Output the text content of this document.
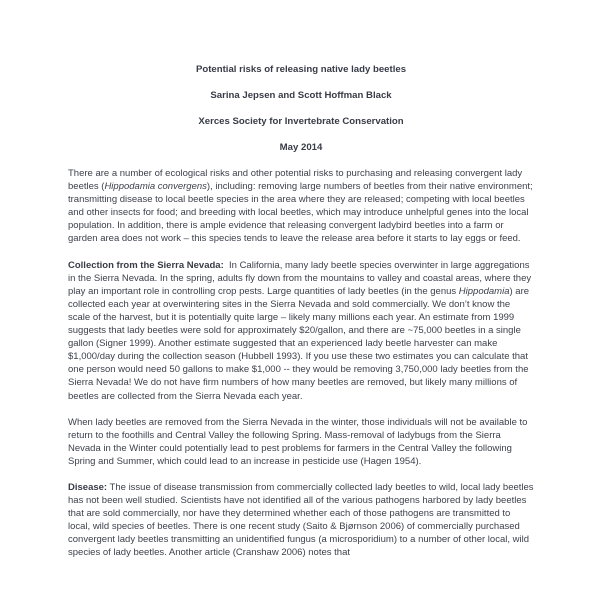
Potential risks of releasing native lady beetles
Sarina Jepsen and Scott Hoffman Black
Xerces Society for Invertebrate Conservation
May 2014

There are a number of ecological risks and other potential risks to purchasing and releasing convergent lady beetles (Hippodamia convergens), including: removing large numbers of beetles from their native environment; transmitting disease to local beetle species in the area where they are released; competing with local beetles and other insects for food; and breeding with local beetles, which may introduce unhelpful genes into the local population. In addition, there is ample evidence that releasing convergent ladybird beetles into a farm or garden area does not work – this species tends to leave the release area before it starts to lay eggs or feed.

Collection from the Sierra Nevada:  In California, many lady beetle species overwinter in large aggregations in the Sierra Nevada. In the spring, adults fly down from the mountains to valley and coastal areas, where they play an important role in controlling crop pests. Large quantities of lady beetles (in the genus Hippodamia) are collected each year at overwintering sites in the Sierra Nevada and sold commercially. We don’t know the scale of the harvest, but it is potentially quite large – likely many millions each year. An estimate from 1999 suggests that lady beetles were sold for approximately $20/gallon, and there are ~75,000 beetles in a single gallon (Signer 1999). Another estimate suggested that an experienced lady beetle harvester can make $1,000/day during the collection season (Hubbell 1993). If you use these two estimates you can calculate that one person would need 50 gallons to make $1,000 -- they would be removing 3,750,000 lady beetles from the Sierra Nevada! We do not have firm numbers of how many beetles are removed, but likely many millions of beetles are collected from the Sierra Nevada each year.

When lady beetles are removed from the Sierra Nevada in the winter, those individuals will not be available to return to the foothills and Central Valley the following Spring. Mass-removal of ladybugs from the Sierra Nevada in the Winter could potentially lead to pest problems for farmers in the Central Valley the following Spring and Summer, which could lead to an increase in pesticide use (Hagen 1954).

Disease: The issue of disease transmission from commercially collected lady beetles to wild, local lady beetles has not been well studied. Scientists have not identified all of the various pathogens harbored by lady beetles that are sold commercially, nor have they determined whether each of those pathogens are transmitted to local, wild species of beetles. There is one recent study (Saito & Bjørnson 2006) of commercially purchased convergent lady beetles transmitting an unidentified fungus (a microsporidium) to a number of other local, wild species of lady beetles. Another article (Cranshaw 2006) notes that
